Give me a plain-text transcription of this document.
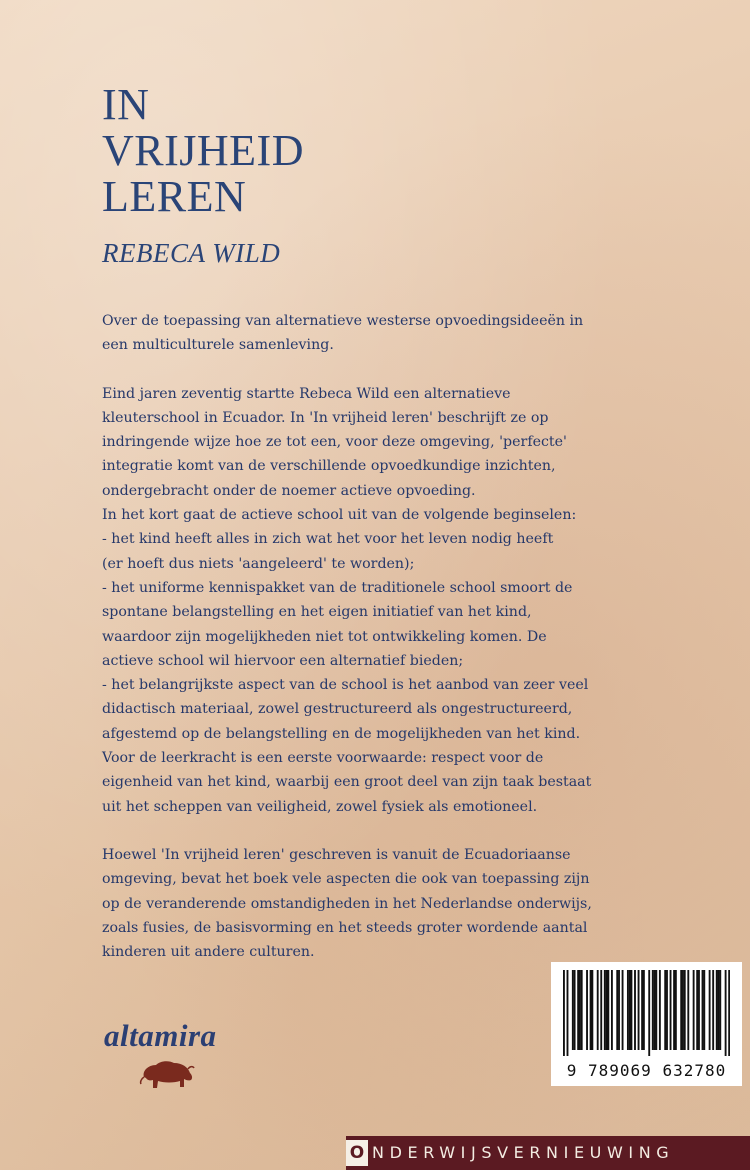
IN
VRIJHEID
LEREN
REBECA WILD

Over de toepassing van alternatieve westerse opvoedingsideeën in
een multiculturele samenleving.

Eind jaren zeventig startte Rebeca Wild een alternatieve
kleuterschool in Ecuador. In 'In vrijheid leren' beschrijft ze op
indringende wijze hoe ze tot een, voor deze omgeving, 'perfecte'
integratie komt van de verschillende opvoedkundige inzichten,
ondergebracht onder de noemer actieve opvoeding.
In het kort gaat de actieve school uit van de volgende beginselen:
- het kind heeft alles in zich wat het voor het leven nodig heeft
(er hoeft dus niets 'aangeleerd' te worden);
- het uniforme kennispakket van de traditionele school smoort de
spontane belangstelling en het eigen initiatief van het kind,
waardoor zijn mogelijkheden niet tot ontwikkeling komen. De
actieve school wil hiervoor een alternatief bieden;
- het belangrijkste aspect van de school is het aanbod van zeer veel
didactisch materiaal, zowel gestructureerd als ongestructureerd,
afgestemd op de belangstelling en de mogelijkheden van het kind.
Voor de leerkracht is een eerste voorwaarde: respect voor de
eigenheid van het kind, waarbij een groot deel van zijn taak bestaat
uit het scheppen van veiligheid, zowel fysiek als emotioneel.

Hoewel 'In vrijheid leren' geschreven is vanuit de Ecuadoriaanse
omgeving, bevat het boek vele aspecten die ook van toepassing zijn
op de veranderende omstandigheden in het Nederlandse onderwijs,
zoals fusies, de basisvorming en het steeds groter wordende aantal
kinderen uit andere culturen.

altamira
9 789069 632780
O NDERWIJSVERNIEUWING
